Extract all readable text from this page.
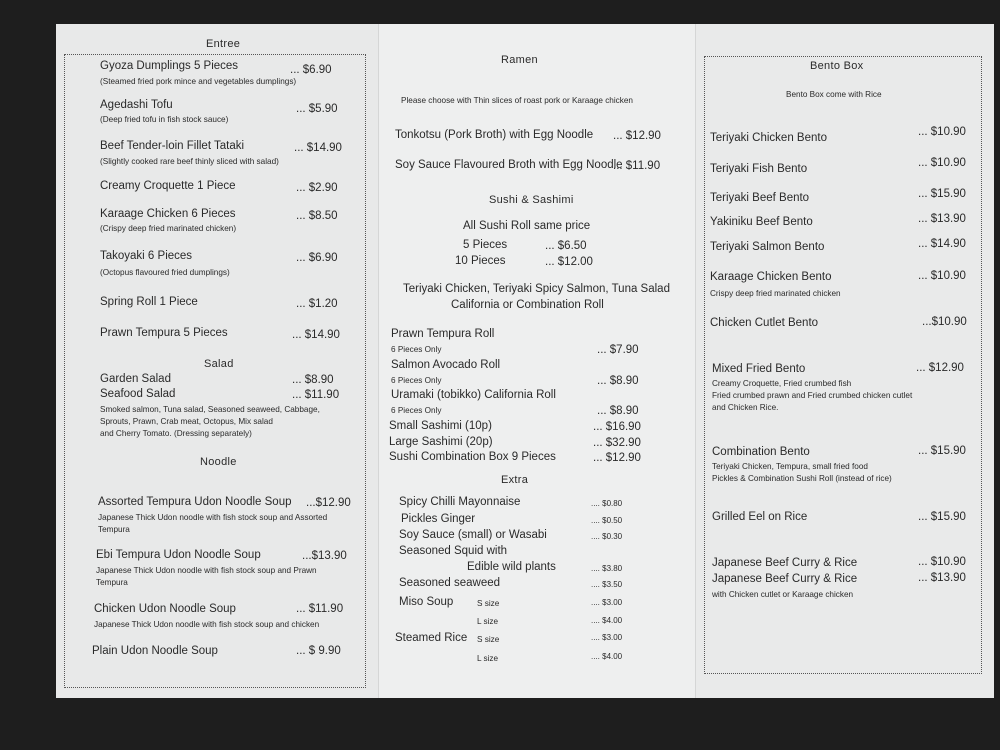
Entree
Gyoza Dumplings 5 Pieces	... $6.90
(Steamed fried pork mince and vegetables dumplings)
Agedashi Tofu	... $5.90
(Deep fried tofu in fish stock sauce)
Beef Tender-loin Fillet Tataki	... $14.90
(Slightly cooked rare beef thinly sliced with salad)
Creamy Croquette 1 Piece	... $2.90
Karaage Chicken 6 Pieces	... $8.50
(Crispy deep fried marinated chicken)
Takoyaki 6 Pieces	... $6.90
(Octopus flavoured fried dumplings)
Spring Roll 1 Piece	... $1.20
Prawn Tempura 5 Pieces	... $14.90
Salad
Garden Salad	... $8.90
Seafood Salad	... $11.90
Smoked salmon, Tuna salad, Seasoned seaweed, Cabbage,
Sprouts, Prawn, Crab meat, Octopus, Mix salad
and Cherry Tomato. (Dressing separately)
Noodle
Assorted Tempura Udon Noodle Soup ...$12.90
Japanese Thick Udon noodle with fish stock soup and Assorted
Tempura
Ebi Tempura Udon Noodle Soup	...$13.90
Japanese Thick Udon noodle with fish stock soup and Prawn
Tempura
Chicken Udon Noodle Soup	... $11.90
Japanese Thick Udon noodle with fish stock soup and chicken
Plain Udon Noodle Soup	... $ 9.90
Ramen
Please choose with Thin slices of roast pork or Karaage chicken
Tonkotsu (Pork Broth) with Egg Noodle ... $12.90
Soy Sauce Flavoured Broth with Egg Noodle
... $11.90
Sushi & Sashimi
All Sushi Roll same price
5 Pieces	... $6.50
10 Pieces	... $12.00
Teriyaki Chicken, Teriyaki Spicy Salmon, Tuna Salad
California or Combination Roll
Prawn Tempura Roll
6 Pieces Only	... $7.90
Salmon Avocado Roll
6 Pieces Only	... $8.90
Uramaki (tobikko) California Roll
6 Pieces Only	... $8.90
Small Sashimi (10p)	... $16.90
Large Sashimi (20p)	... $32.90
Sushi Combination Box 9 Pieces	... $12.90
Extra
Spicy Chilli Mayonnaise	.... $0.80
Pickles Ginger	.... $0.50
Soy Sauce (small) or Wasabi	.... $0.30
Seasoned Squid with
Edible wild plants	.... $3.80
Seasoned seaweed	.... $3.50
Miso Soup	S size	.... $3.00
L size	.... $4.00
Steamed Rice S size	.... $3.00
L size	.... $4.00
Bento Box
Bento Box come with Rice
Teriyaki Chicken Bento	... $10.90
Teriyaki Fish Bento	... $10.90
Teriyaki Beef Bento	... $15.90
Yakiniku Beef Bento	... $13.90
Teriyaki Salmon Bento	... $14.90
Karaage Chicken Bento	... $10.90
Crispy deep fried marinated chicken
Chicken Cutlet Bento	...$10.90
Mixed Fried Bento	... $12.90
Creamy Croquette, Fried crumbed fish
Fried crumbed prawn and Fried crumbed chicken cutlet
and Chicken Rice.
Combination Bento	... $15.90
Teriyaki Chicken, Tempura, small fried food
Pickles & Combination Sushi Roll (instead of rice)
Grilled Eel on Rice	... $15.90
Japanese Beef Curry & Rice	... $10.90
Japanese Beef Curry & Rice	... $13.90
with Chicken cutlet or Karaage chicken
